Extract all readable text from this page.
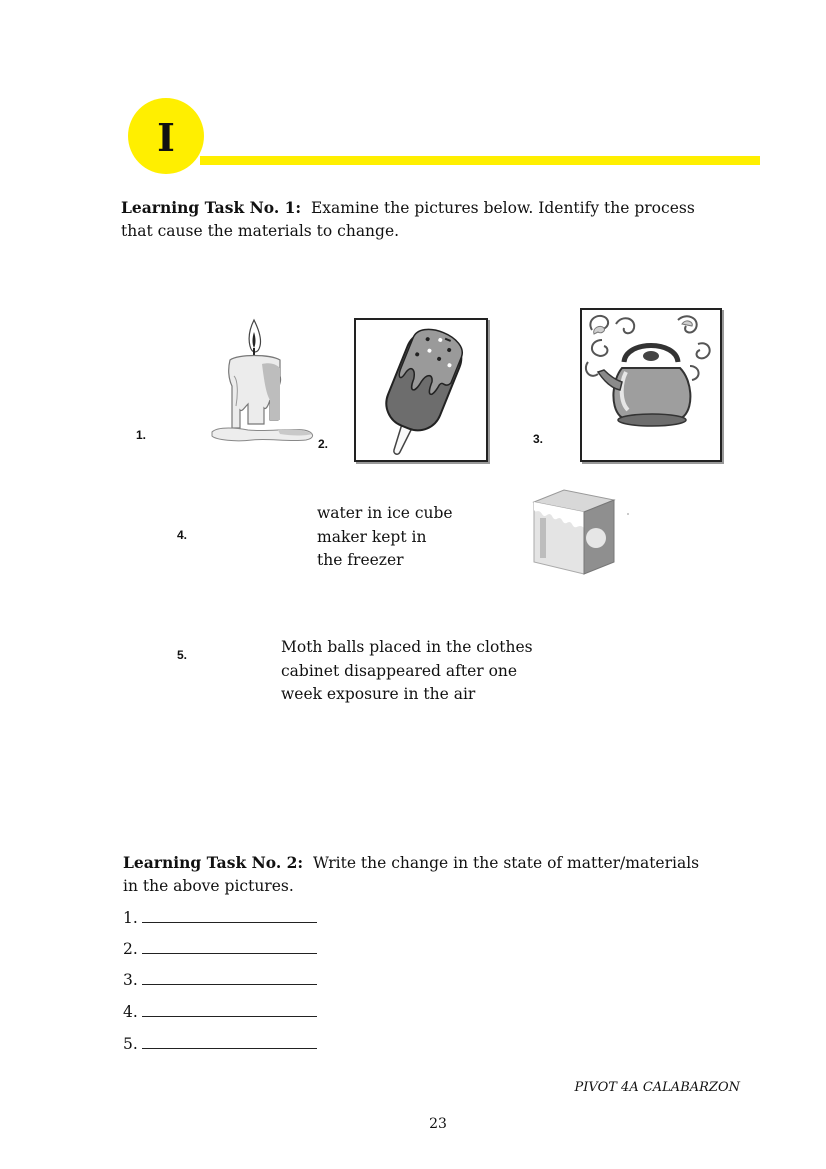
I
Learning Task No. 1: Examine the pictures below. Identify the process
that cause the materials to change.
1.
2.	3.
4.
5.
water in ice cube
maker kept in
the freezer
Moth balls placed in the clothes
cabinet disappeared after one
week exposure in the air
Learning Task No. 2: Write the change in the state of matter/materials
in the above pictures.
1.
2.
3.
4.
5.
PIVOT 4A CALABARZON
23
